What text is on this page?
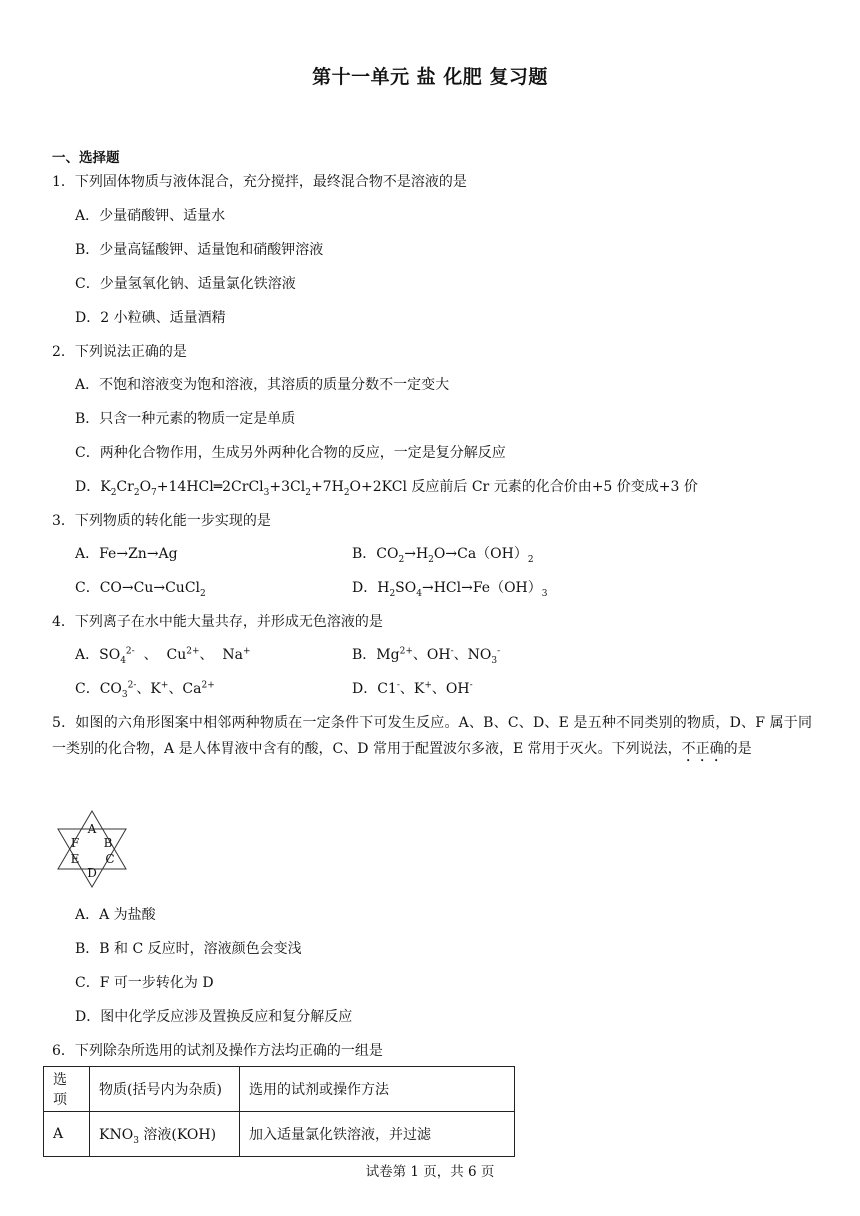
第十一单元 盐 化肥 复习题
一、选择题
1．下列固体物质与液体混合，充分搅拌，最终混合物不是溶液的是
A．少量硝酸钾、适量水
B．少量高锰酸钾、适量饱和硝酸钾溶液
C．少量氢氧化钠、适量氯化铁溶液
D．2 小粒碘、适量酒精
2．下列说法正确的是
A．不饱和溶液变为饱和溶液，其溶质的质量分数不一定变大
B．只含一种元素的物质一定是单质
C．两种化合物作用，生成另外两种化合物的反应，一定是复分解反应
D．$K_2Cr_2O_7+14HCl═2CrCl_3+3Cl_2+7H_2O+2KCl$ 反应前后 Cr 元素的化合价由+5 价变成+3 价
3．下列物质的转化能一步实现的是
A．Fe→Zn→Ag	B．$CO_2\to H_2O\to Ca(OH)_2$
C．CO→Cu→CuCl$_2$	D．$H_2SO_4\to HCl\to Fe(OH)_3$
4．下列离子在水中能大量共存，并形成无色溶液的是
A．$SO_4^{2-}$  、  $Cu^{2+}$、  Na+	B．$Mg^{2+}$、OH-、$NO_3^-$
C．$CO_3^{2-}$、K+、$Ca^{2+}$	D．C1-、K+、OH-
5．如图的六角形图案中相邻两种物质在一定条件下可发生反应。A、B、C、D、E 是五种不同类别的物质，D、F 属于同一类别的化合物，A 是人体胃液中含有的酸，C、D 常用于配置波尔多液，E 常用于灭火。下列说法，不正确的是
A
B
C
D
E
F
A．A 为盐酸
B．B 和 C 反应时，溶液颜色会变浅
C．F 可一步转化为 D
D．图中化学反应涉及置换反应和复分解反应
6．下列除杂所选用的试剂及操作方法均正确的一组是
选项	物质(括号内为杂质)	选用的试剂或操作方法
A	$KNO_3$ 溶液(KOH)	加入适量氯化铁溶液，并过滤
试卷第 1 页，共 6 页
